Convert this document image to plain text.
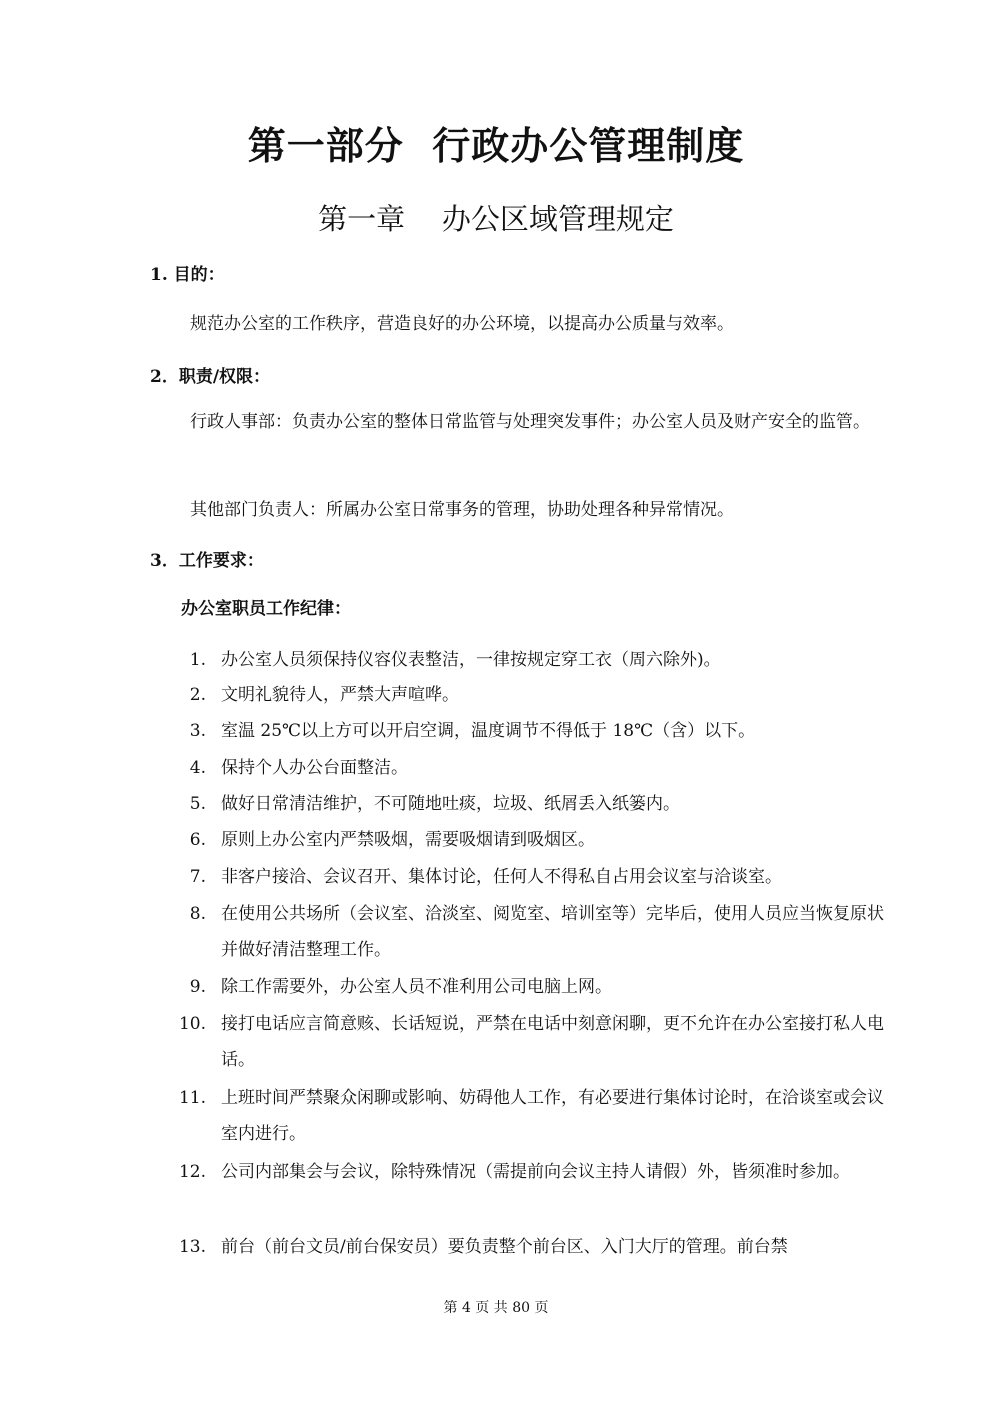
第一部分  行政办公管理制度
第一章    办公区域管理规定
1. 目的：
规范办公室的工作秩序，营造良好的办公环境，以提高办公质量与效率。
2．职责/权限：
行政人事部：负责办公室的整体日常监管与处理突发事件；办公室人员及财产安全的监管。
其他部门负责人：所属办公室日常事务的管理，协助处理各种异常情况。
3．工作要求：
办公室职员工作纪律：
1. 办公室人员须保持仪容仪表整洁，一律按规定穿工衣（周六除外)。
2. 文明礼貌待人，严禁大声喧哗。
3. 室温 25℃以上方可以开启空调，温度调节不得低于 18℃（含）以下。
4. 保持个人办公台面整洁。
5. 做好日常清洁维护，不可随地吐痰，垃圾、纸屑丢入纸篓内。
6. 原则上办公室内严禁吸烟，需要吸烟请到吸烟区。
7. 非客户接洽、会议召开、集体讨论，任何人不得私自占用会议室与洽谈室。
8. 在使用公共场所（会议室、洽淡室、阅览室、培训室等）完毕后，使用人员应当恢复原状并做好清洁整理工作。
9. 除工作需要外，办公室人员不准利用公司电脑上网。
10. 接打电话应言简意赅、长话短说，严禁在电话中刻意闲聊，更不允许在办公室接打私人电话。
11. 上班时间严禁聚众闲聊或影响、妨碍他人工作，有必要进行集体讨论时，在洽谈室或会议室内进行。
12. 公司内部集会与会议，除特殊情况（需提前向会议主持人请假）外，皆须准时参加。
13. 前台（前台文员/前台保安员）要负责整个前台区、入门大厅的管理。前台禁
第 4 页 共 80 页
